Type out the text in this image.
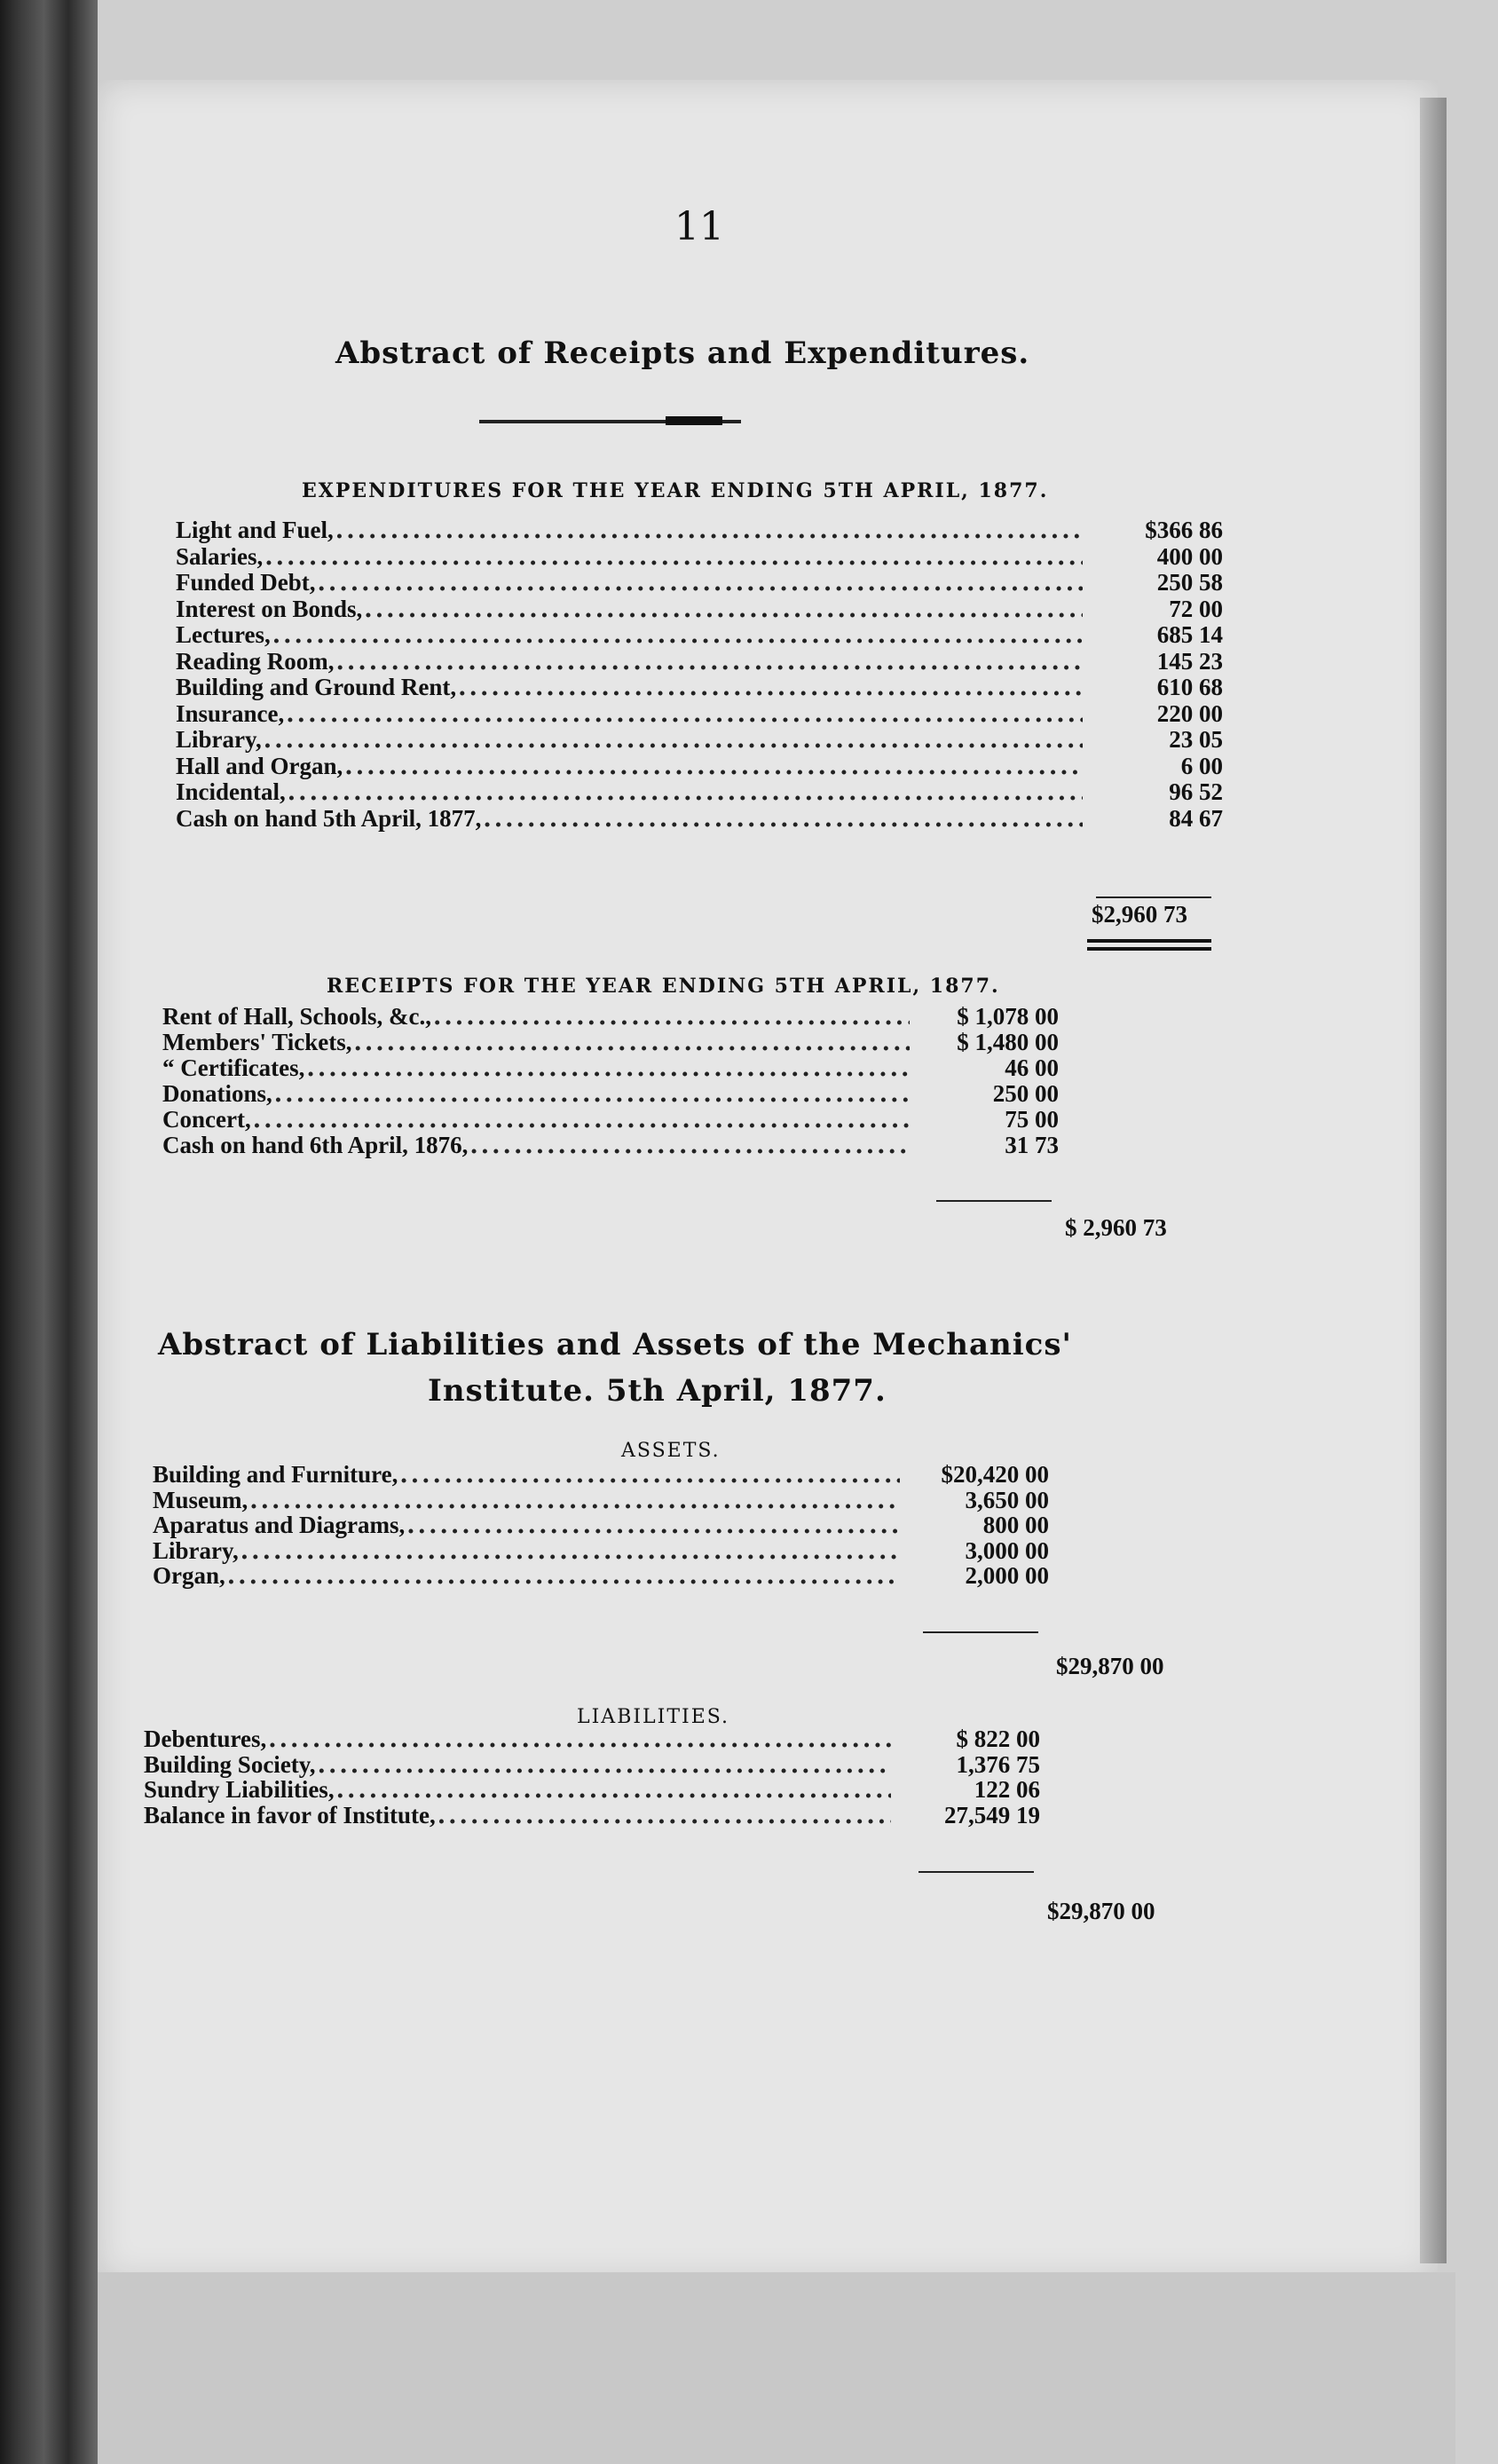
11
Abstract of Receipts and Expenditures.
EXPENDITURES FOR THE YEAR ENDING 5TH APRIL, 1877.
Light and Fuel, .....	$366 86
Salaries, .....	400 00
Funded Debt, .....	250 58
Interest on Bonds, .....	72 00
Lectures, .....	685 14
Reading Room, .....	145 23
Building and Ground Rent, .....	610 68
Insurance, .....	220 00
Library, .....	23 05
Hall and Organ, .....	6 00
Incidental, .....	96 52
Cash on hand 5th April, 1877, .....	84 67
$2,960 73
RECEIPTS FOR THE YEAR ENDING 5TH APRIL, 1877.
Rent of Hall, Schools, &c., .....	$ 1,078 00
Members' Tickets, .....	$ 1,480 00
“ Certificates, .....	46 00
Donations, .....	250 00
Concert, .....	75 00
Cash on hand 6th April, 1876, .....	31 73
$ 2,960 73
Abstract of Liabilities and Assets of the Mechanics'
Institute. 5th April, 1877.
ASSETS.
Building and Furniture, .....	$20,420 00
Museum, .....	3,650 00
Aparatus and Diagrams, .....	800 00
Library, .....	3,000 00
Organ, .....	2,000 00
$29,870 00
LIABILITIES.
Debentures, .....	$ 822 00
Building Society, .....	1,376 75
Sundry Liabilities, .....	122 06
Balance in favor of Institute, .....	27,549 19
$29,870 00
